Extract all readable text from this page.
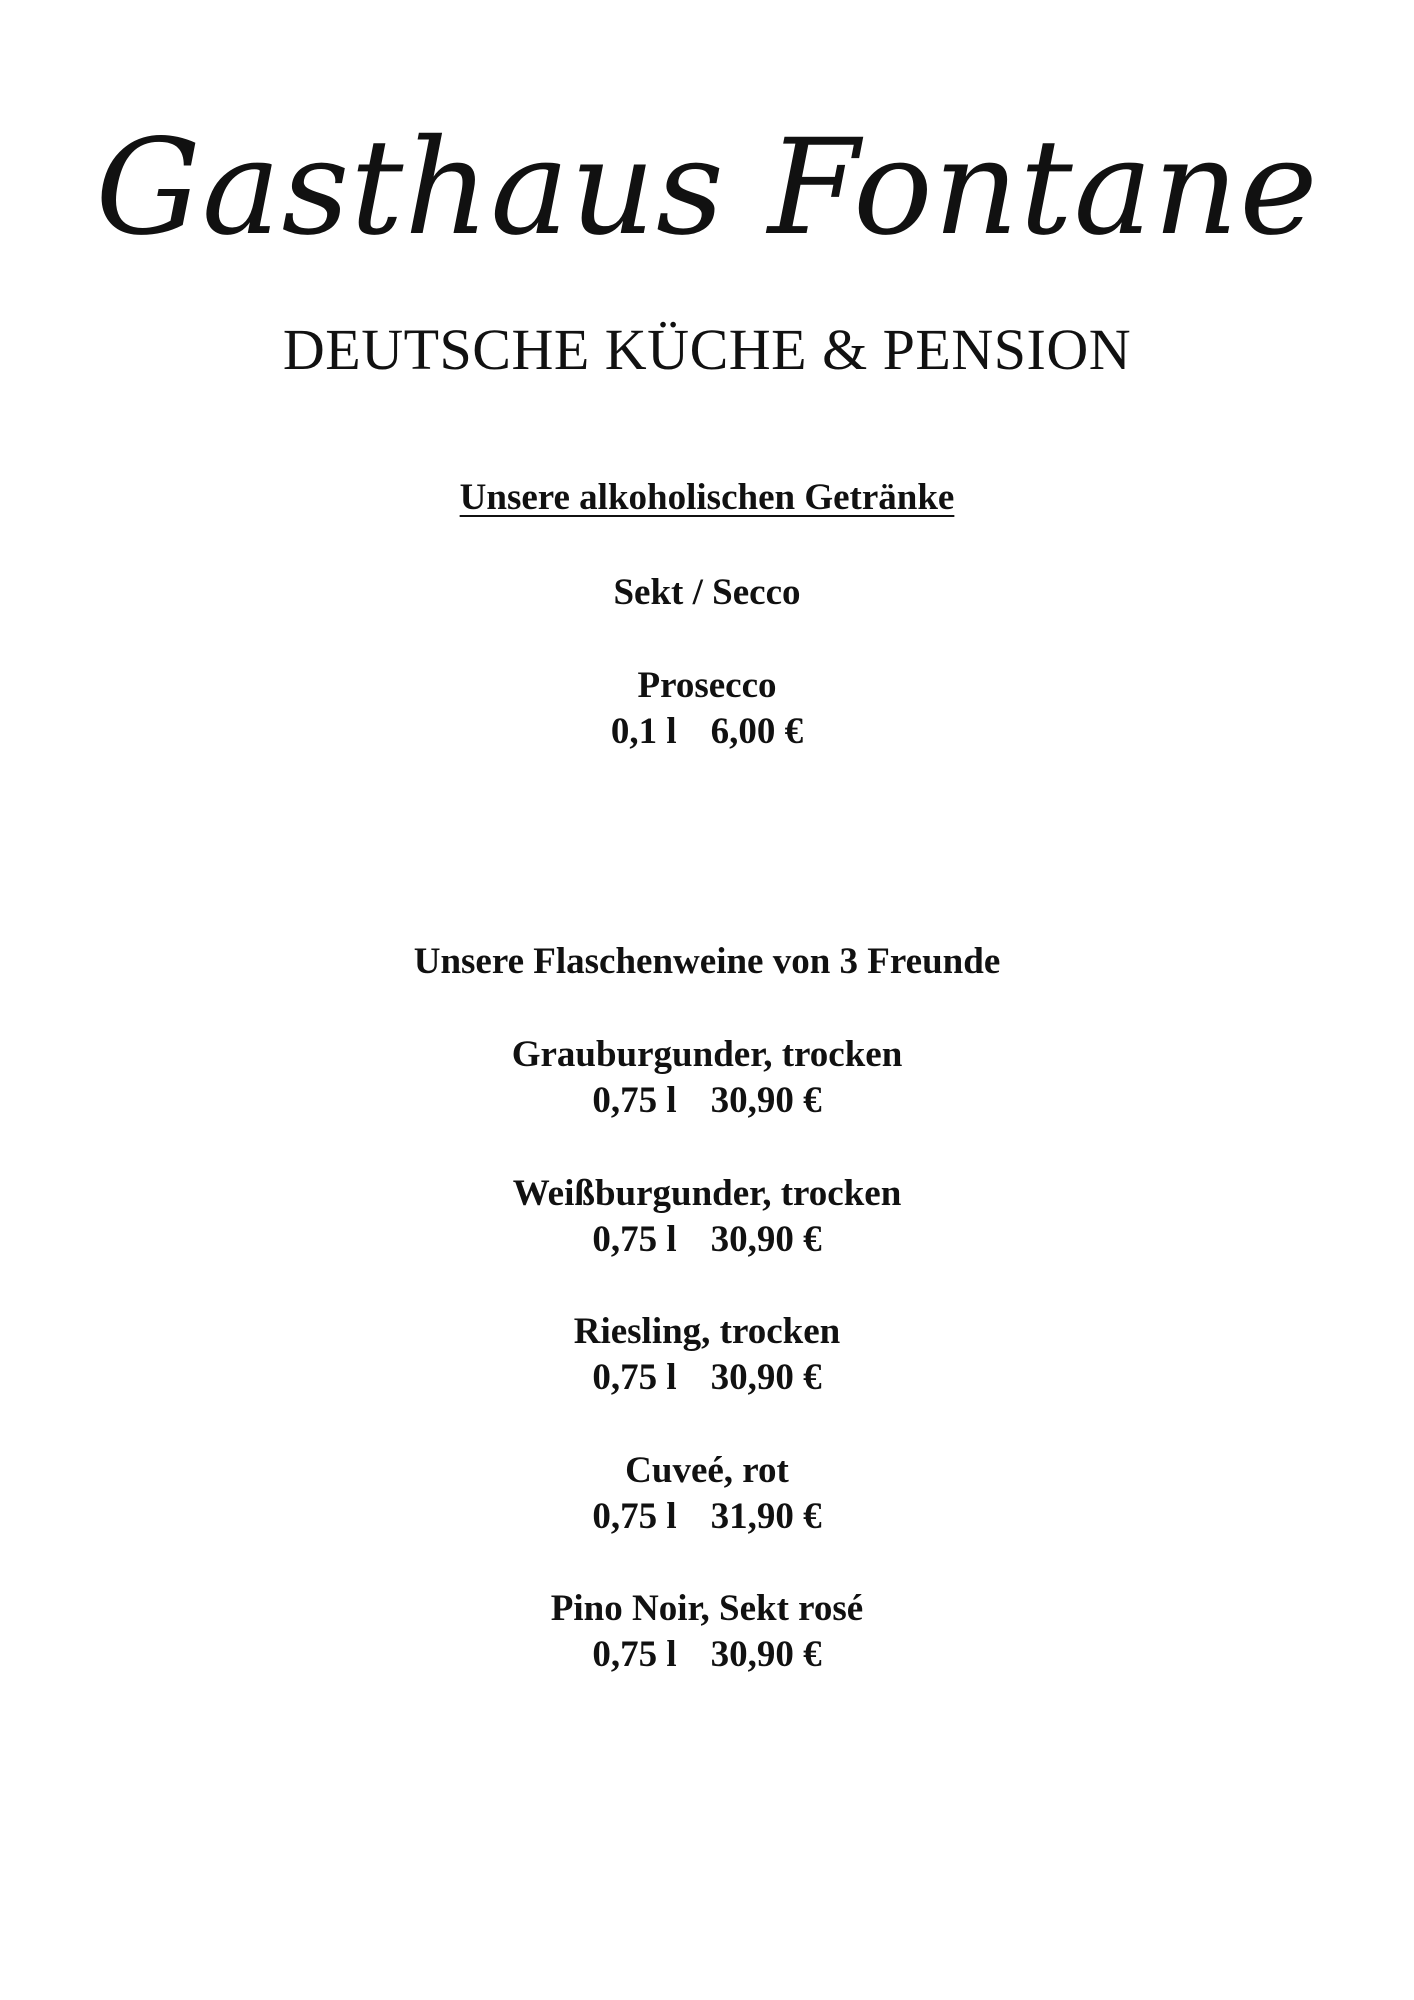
Gasthaus Fontane
DEUTSCHE KÜCHE & PENSION
Unsere alkoholischen Getränke
Sekt / Secco
Prosecco
0,1 l 6,00 €
Unsere Flaschenweine von 3 Freunde
Grauburgunder, trocken
0,75 l 30,90 €
Weißburgunder, trocken
0,75 l 30,90 €
Riesling, trocken
0,75 l 30,90 €
Cuveé, rot
0,75 l 31,90 €
Pino Noir, Sekt rosé
0,75 l 30,90 €
